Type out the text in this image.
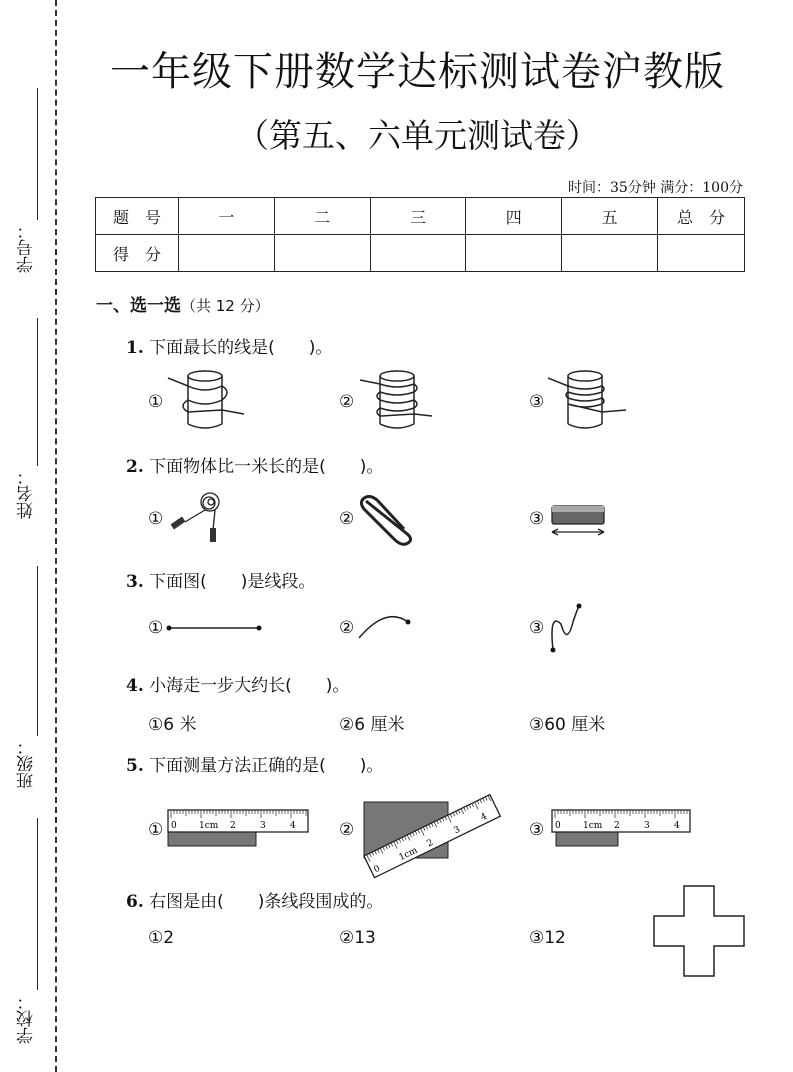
学号：
姓名：
班级：
学校：
一年级下册数学达标测试卷沪教版
（第五、六单元测试卷）
时间：35分钟 满分：100分
题　号	一	二	三	四	五	总　分
得　分						
一、选一选（共 12 分）
1. 下面最长的线是(　　)。
①	②	③
2. 下面物体比一米长的是(　　)。
①	②	③
3. 下面图(　　)是线段。
①	②	③
4. 小海走一步大约长(　　)。
①6 米	②6 厘米	③60 厘米
5. 下面测量方法正确的是(　　)。
①	②	③
0 1cm 2	3	4
0
1cm
2
3
4
0 1cm 2	3	4
6. 右图是由(　　)条线段围成的。
①2	②13	③12
